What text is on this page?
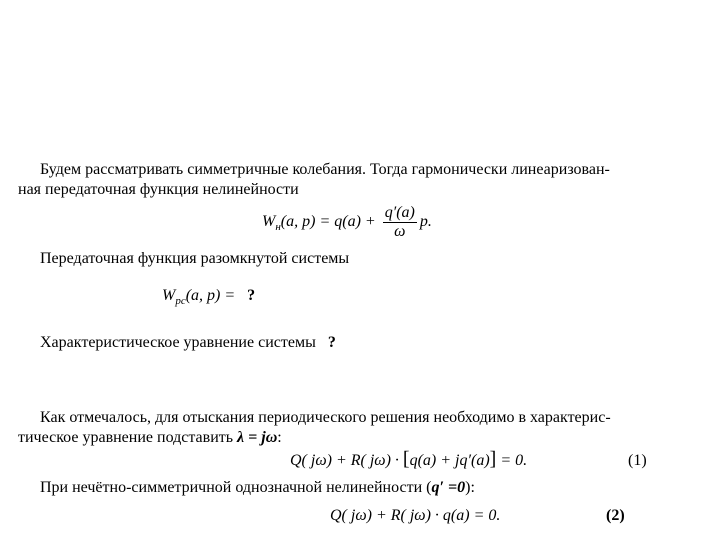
Будем рассматривать симметричные колебания. Тогда гармонически линеаризован-
ная передаточная функция нелинейности
$W_н(a$, $p) = q(a) + \frac{q'(a)}{\omega} p$.
Передаточная функция разомкнутой системы
$W_{рс}(a$, p) = ?
Характеристическое уравнение системы ?
Как отмечалось, для отыскания периодического решения необходимо в характерис-
тическое уравнение подставить λ = jω:
Q( jω) + R( jω) · [q(a) + jq′(a)] = 0.	(1)
При нечётно-симметричной однозначной нелинейности (q′ =0):
Q( jω) + R( jω) · q(a) = 0.	(2)
